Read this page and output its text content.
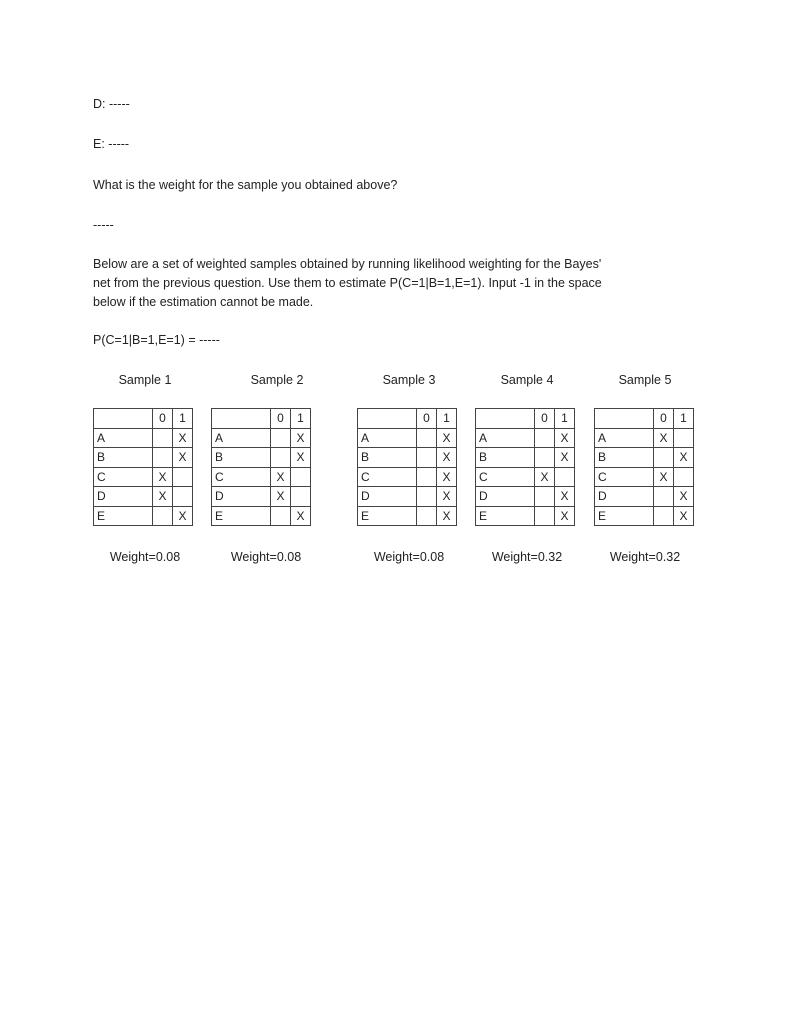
D: -----
E: -----
What is the weight for the sample you obtained above?
-----
Below are a set of weighted samples obtained by running likelihood weighting for the Bayes'
net from the previous question. Use them to estimate P(C=1|B=1,E=1). Input -1 in the space
below if the estimation cannot be made.
P(C=1|B=1,E=1) = -----
Sample 1
	0	1
A		X
B		X
C	X	
D	X	
E		X
Weight=0.08
Sample 2
	0	1
A		X
B		X
C	X	
D	X	
E		X
Weight=0.08
Sample 3
	0	1
A		X
B		X
C		X
D		X
E		X
Weight=0.08
Sample 4
	0	1
A		X
B		X
C	X	
D		X
E		X
Weight=0.32
Sample 5
	0	1
A	X	
B		X
C	X	
D		X
E		X
Weight=0.32
